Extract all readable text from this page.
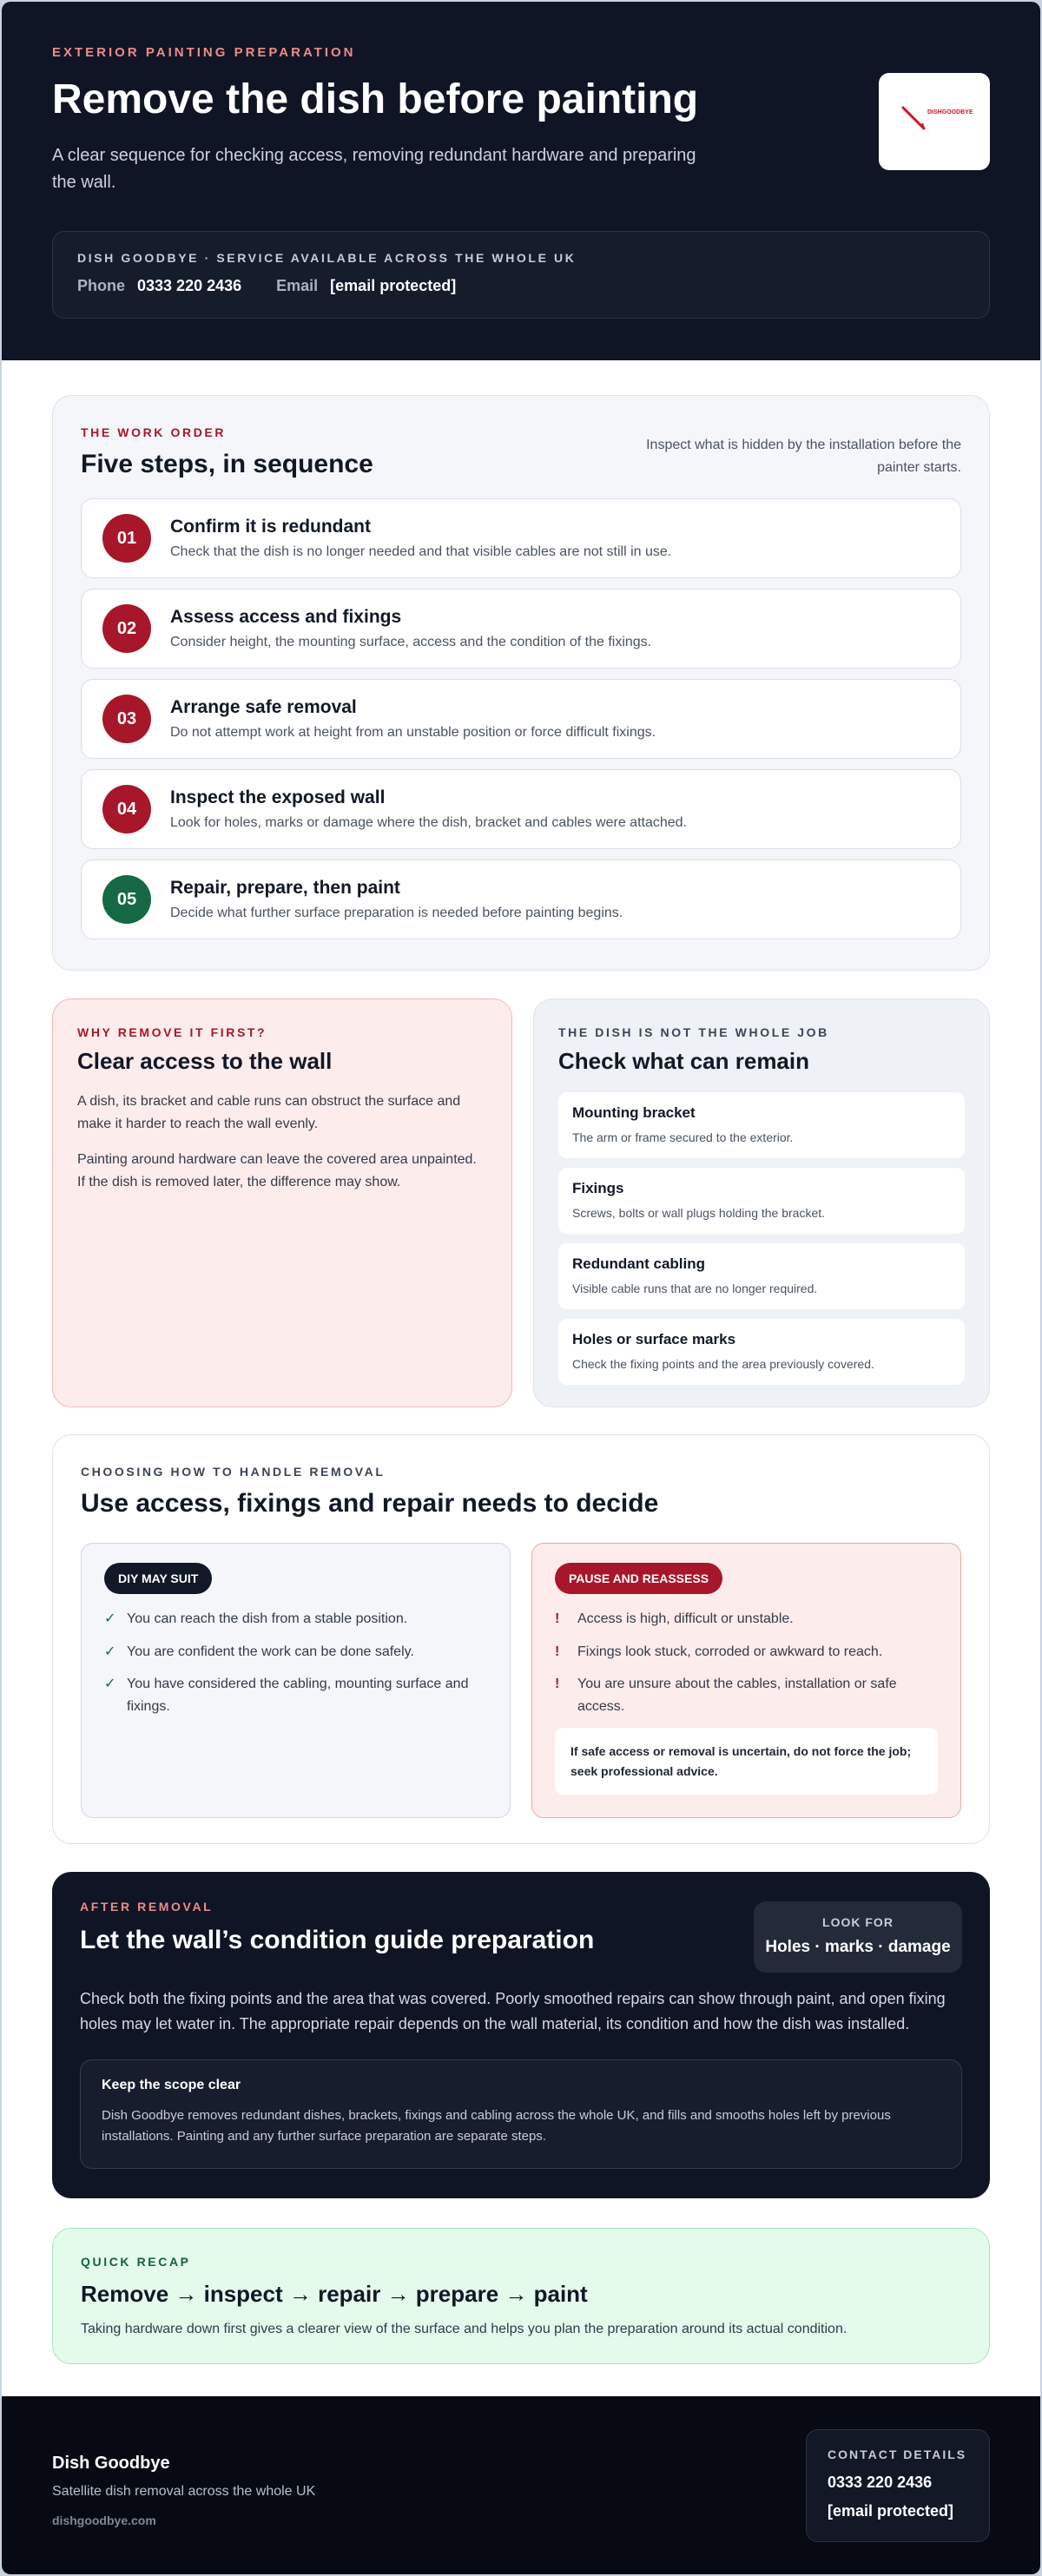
EXTERIOR PAINTING PREPARATION
Remove the dish before painting

A clear sequence for checking access, removing redundant hardware and preparing the wall.

DISHGOODBYE
DISH GOODBYE · SERVICE AVAILABLE ACROSS THE WHOLE UK
Phone 0333 220 2436 Email [email protected]
THE WORK ORDER
Five steps, in sequence

Inspect what is hidden by the installation before the painter starts.

01
Confirm it is redundant
Check that the dish is no longer needed and that visible cables are not still in use.
02
Assess access and fixings
Consider height, the mounting surface, access and the condition of the fixings.
03
Arrange safe removal
Do not attempt work at height from an unstable position or force difficult fixings.
04
Inspect the exposed wall
Look for holes, marks or damage where the dish, bracket and cables were attached.
05
Repair, prepare, then paint
Decide what further surface preparation is needed before painting begins.
WHY REMOVE IT FIRST?
Clear access to the wall

A dish, its bracket and cable runs can obstruct the surface and make it harder to reach the wall evenly.

Painting around hardware can leave the covered area unpainted. If the dish is removed later, the difference may show.

THE DISH IS NOT THE WHOLE JOB
Check what can remain
Mounting bracket
The arm or frame secured to the exterior.
Fixings
Screws, bolts or wall plugs holding the bracket.
Redundant cabling
Visible cable runs that are no longer required.
Holes or surface marks
Check the fixing points and the area previously covered.
CHOOSING HOW TO HANDLE REMOVAL
Use access, fixings and repair needs to decide
DIY MAY SUIT
✓ You can reach the dish from a stable position.
✓ You are confident the work can be done safely.
✓ You have considered the cabling, mounting surface and fixings.
PAUSE AND REASSESS
! Access is high, difficult or unstable.
! Fixings look stuck, corroded or awkward to reach.
! You are unsure about the cables, installation or safe access.
If safe access or removal is uncertain, do not force the job; seek professional advice.
AFTER REMOVAL
Let the wall’s condition guide preparation
LOOK FOR
Holes · marks · damage

Check both the fixing points and the area that was covered. Poorly smoothed repairs can show through paint, and open fixing holes may let water in. The appropriate repair depends on the wall material, its condition and how the dish was installed.

Keep the scope clear
Dish Goodbye removes redundant dishes, brackets, fixings and cabling across the whole UK, and fills and smooths holes left by previous installations. Painting and any further surface preparation are separate steps.
QUICK RECAP
Remove → inspect → repair → prepare → paint

Taking hardware down first gives a clearer view of the surface and helps you plan the preparation around its actual condition.

Dish Goodbye
Satellite dish removal across the whole UK
dishgoodbye.com
CONTACT DETAILS
0333 220 2436
[email protected]
